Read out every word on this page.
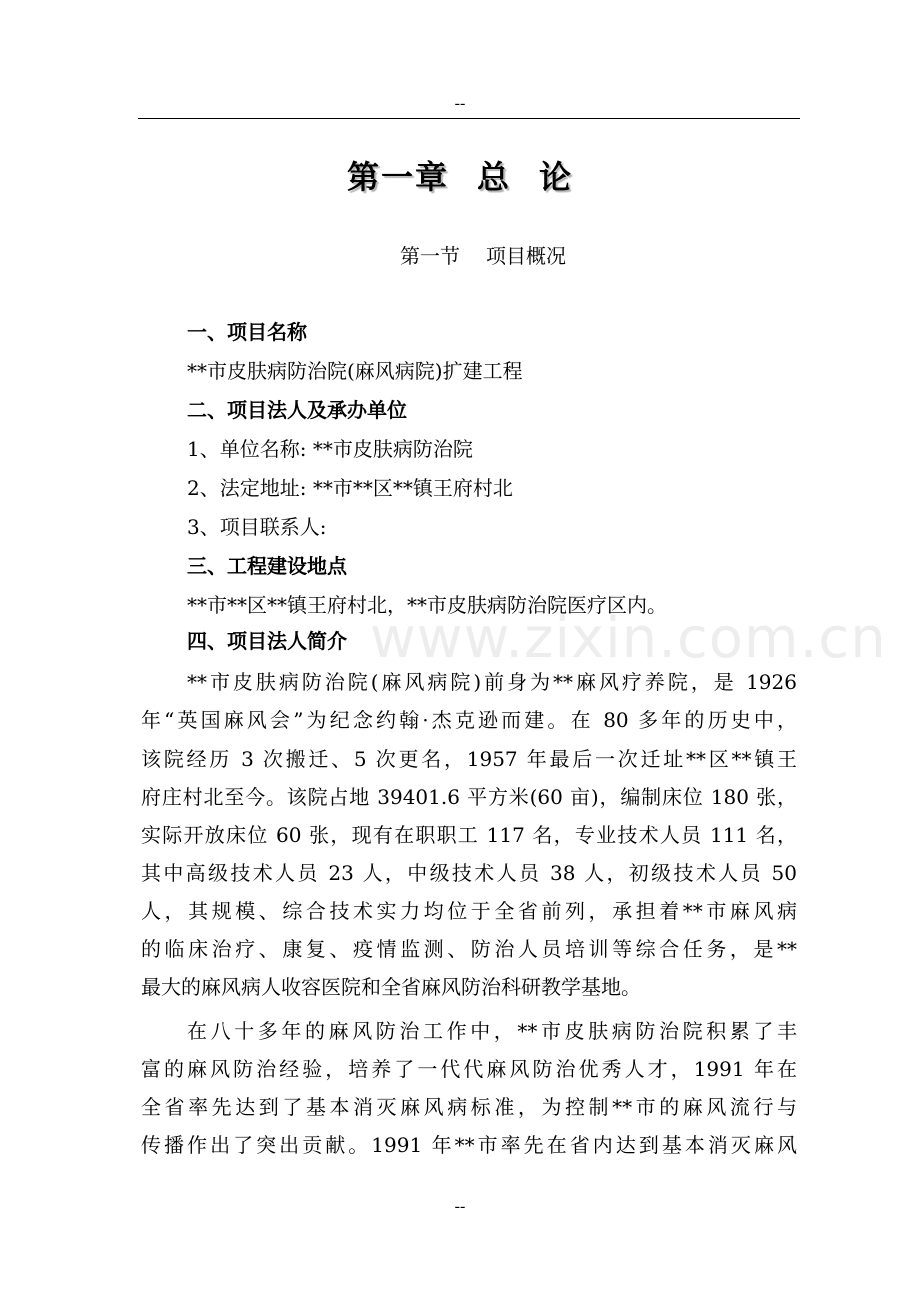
--
第一章 总 论
第一节 项目概况
一、项目名称
**市皮肤病防治院(麻风病院)扩建工程
二、项目法人及承办单位
1、单位名称: **市皮肤病防治院
2、法定地址: **市**区**镇王府村北
3、项目联系人:
三、工程建设地点
**市**区**镇王府村北，**市皮肤病防治院医疗区内。
四、项目法人简介
**市皮肤病防治院(麻风病院)前身为**麻风疗养院，是 1926
年“英国麻风会”为纪念约翰·杰克逊而建。在 80 多年的历史中，
该院经历 3 次搬迁、5 次更名，1957 年最后一次迁址**区**镇王
府庄村北至今。该院占地 39401.6 平方米(60 亩)，编制床位 180 张，
实际开放床位 60 张，现有在职职工 117 名，专业技术人员 111 名，
其中高级技术人员 23 人，中级技术人员 38 人，初级技术人员 50
人，其规模、综合技术实力均位于全省前列，承担着**市麻风病
的临床治疗、康复、疫情监测、防治人员培训等综合任务，是**
最大的麻风病人收容医院和全省麻风防治科研教学基地。
在八十多年的麻风防治工作中，**市皮肤病防治院积累了丰
富的麻风防治经验，培养了一代代麻风防治优秀人才，1991 年在
全省率先达到了基本消灭麻风病标准，为控制**市的麻风流行与
传播作出了突出贡献。1991 年**市率先在省内达到基本消灭麻风
www.zixin.com.cn
--
